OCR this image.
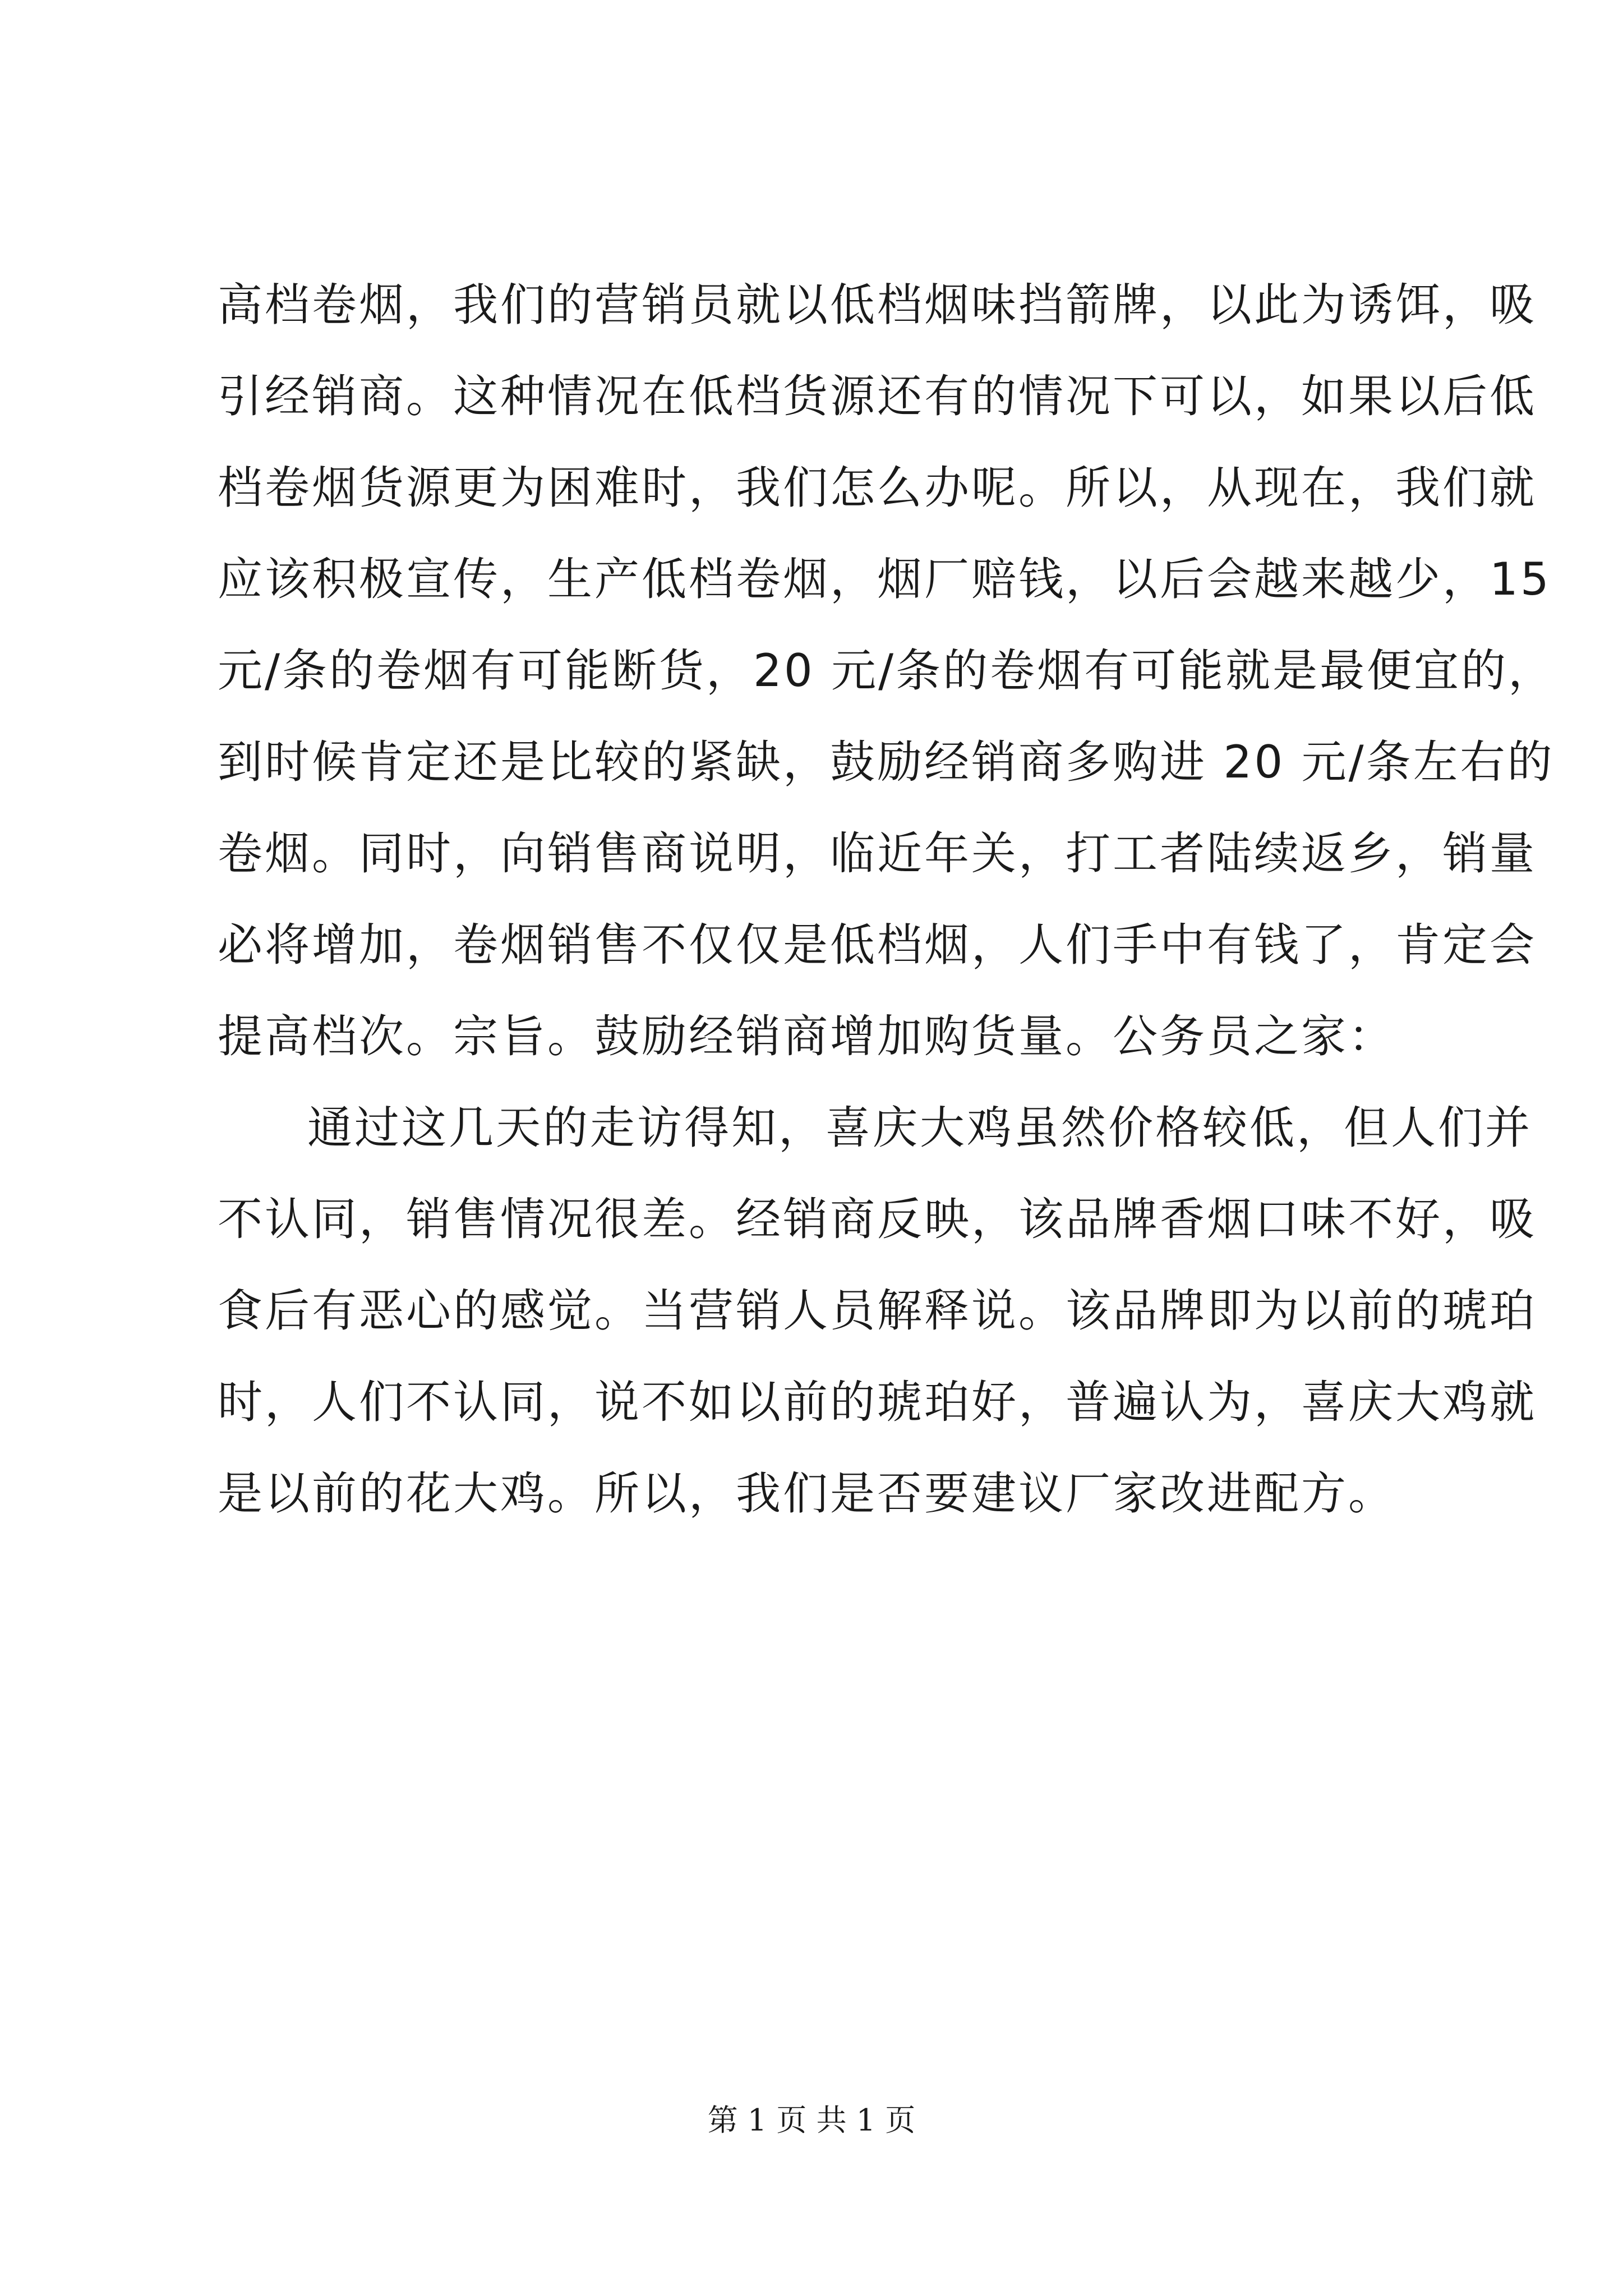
高档卷烟，我们的营销员就以低档烟味挡箭牌，以此为诱饵，吸
引经销商。这种情况在低档货源还有的情况下可以，如果以后低
档卷烟货源更为困难时，我们怎么办呢。所以，从现在，我们就
应该积极宣传，生产低档卷烟，烟厂赔钱，以后会越来越少，15
元/条的卷烟有可能断货，20 元/条的卷烟有可能就是最便宜的，
到时候肯定还是比较的紧缺，鼓励经销商多购进 20 元/条左右的
卷烟。同时，向销售商说明，临近年关，打工者陆续返乡，销量
必将增加，卷烟销售不仅仅是低档烟，人们手中有钱了，肯定会
提高档次。宗旨。鼓励经销商增加购货量。公务员之家：
通过这几天的走访得知，喜庆大鸡虽然价格较低，但人们并
不认同，销售情况很差。经销商反映，该品牌香烟口味不好，吸
食后有恶心的感觉。当营销人员解释说。该品牌即为以前的琥珀
时，人们不认同，说不如以前的琥珀好，普遍认为，喜庆大鸡就
是以前的花大鸡。所以，我们是否要建议厂家改进配方。
第 1 页 共 1 页
